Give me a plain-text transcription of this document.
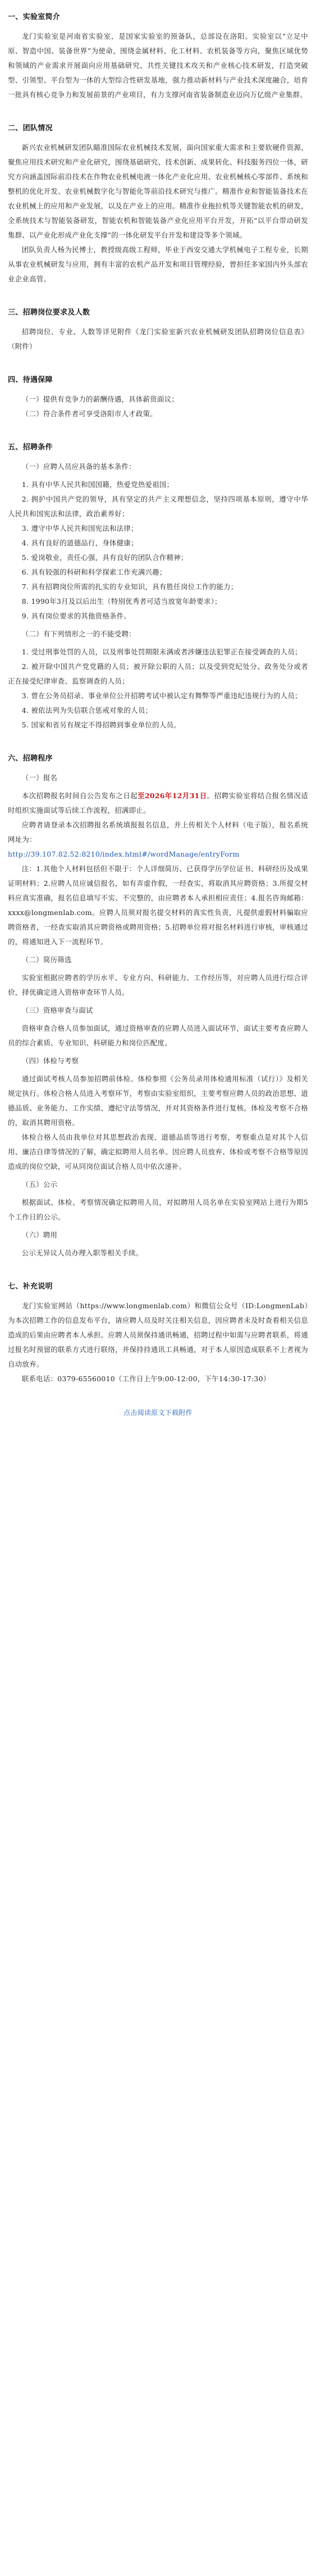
一、实验室简介

龙门实验室是河南省实验室，是国家实验室的预备队，总部设在洛阳。实验室以“立足中原、智造中国、装备世界”为使命，围绕金属材料、化工材料、农机装备等方向，聚焦区域优势和领域的产业需求开展面向应用基础研究、共性关键技术攻关和产业核心技术研发，打造突破型、引领型、平台型为一体的大型综合性研发基地，强力推动新材料与产业技术深度融合，培育一批具有核心竞争力和发展前景的产业项目，有力支撑河南省装备制造业迈向万亿级产业集群。

二、团队情况

新兴农业机械研发团队瞄准国际农业机械技术发展，面向国家重大需求和主要软硬件资源，聚焦应用技术研究和产业化研究，围绕基础研究、技术创新、成果转化、科技服务四位一体，研究方向涵盖国际前沿技术在作物农业机械电液一体化产业化应用、农业机械核心零部件、系统和整机的优化开发、农业机械数字化与智能化等前沿技术研究与推广。精准作业和智能装备技术在农业机械上的应用和产业发展，以及在产业上的应用。精准作业拖拉机等关键智能农机的研发，全系统技术与智能装备研发，智能农机和智能装备产业化应用平台开发，开拓“以平台带动研发集群、以产业化形成产业化支撑”的一体化研发平台开发和建设等多个领域。

团队负责人杨为民博士，教授级高级工程师，毕业于西安交通大学机械电子工程专业，长期从事农业机械研发与应用，拥有丰富的农机产品开发和项目管理经验，曾担任多家国内外头部农业企业高管。

三、招聘岗位要求及人数

招聘岗位、专业、人数等详见附件《龙门实验室新兴农业机械研发团队招聘岗位信息表》（附件）

四、待遇保障

（一）提供有竞争力的薪酬待遇，具体薪资面议；

（二）符合条件者可享受洛阳市人才政策。

五、招聘条件

（一）应聘人员应具备的基本条件：

1. 具有中华人民共和国国籍，热爱党热爱祖国；

2. 拥护中国共产党的领导，具有坚定的共产主义理想信念，坚持四项基本原则，遵守中华人民共和国宪法和法律，政治素养好；

3. 遵守中华人民共和国宪法和法律；

4. 具有良好的道德品行，身体健康；

5. 爱岗敬业，责任心强，具有良好的团队合作精神；

6. 具有较强的科研和科学探索工作充满兴趣；

7. 具有招聘岗位所需的扎实的专业知识，具有胜任岗位工作的能力；

8. 1990年3月及以后出生（特别优秀者可适当放宽年龄要求）；

9. 具有岗位要求的其他资格条件。

（二）有下列情形之一的不能受聘：

1. 受过刑事处罚的人员，以及刑事处罚期限未满或者涉嫌违法犯罪正在接受调查的人员；

2. 被开除中国共产党党籍的人员；被开除公职的人员；以及受到党纪处分、政务处分或者正在接受纪律审查、监察调查的人员；

3. 曾在公务员招录、事业单位公开招聘考试中被认定有舞弊等严重违纪违规行为的人员；

4. 被依法列为失信联合惩戒对象的人员；

5. 国家和省另有规定不得招聘到事业单位的人员。

六、招聘程序

（一）报名

本次招聘报名时间自公告发布之日起至2026年12月31日。招聘实验室将结合报名情况适时组织实施面试等后续工作流程，招满即止。

应聘者请登录本次招聘报名系统填报报名信息，并上传相关个人材料（电子版），报名系统网址为：

http://39.107.82.52:8210/index.html#/wordManage/entryForm

注：1.其他个人材料包括但不限于：个人详细简历、已获得学历学位证书、科研经历及成果证明材料；2.应聘人员应诚信报名，如有弄虚作假，一经查实，将取消其应聘资格；3.所提交材料应真实准确，报名信息填写不实、不完整的，由应聘者本人承担相应责任；4.报名咨询邮箱：xxxx@longmenlab.com。应聘人员须对报名提交材料的真实性负责，凡提供虚假材料骗取应聘资格者，一经查实取消其应聘资格或聘用资格；5.招聘单位将对报名材料进行审核，审核通过的，将通知进入下一流程环节。

（二）简历筛选

实验室根据应聘者的学历水平、专业方向、科研能力、工作经历等，对应聘人员进行综合评价，择优确定进入资格审查环节人员。

（三）资格审查与面试

资格审查合格人员参加面试，通过资格审查的应聘人员进入面试环节，面试主要考查应聘人员的综合素质、专业知识、科研能力和岗位匹配度。

（四）体检与考察

通过面试考核人员参加招聘前体检。体检参照《公务员录用体检通用标准（试行）》及相关规定执行。体检合格人员进入考察环节，考察由实验室组织，主要考察应聘人员的政治思想、道德品质、业务能力、工作实绩、遵纪守法等情况，并对其资格条件进行复核。体检及考察不合格的，取消其聘用资格。

体检合格人员由我单位对其思想政治表现、道德品质等进行考察，考察重点是对其个人信用、廉洁自律等情况的了解，确定拟聘用人员名单。因应聘人员放弃、体检或考察不合格等原因造成的岗位空缺，可从同岗位面试合格人员中依次递补。

（五）公示

根据面试、体检、考察情况确定拟聘用人员，对拟聘用人员名单在实验室网站上进行为期5个工作日的公示。

（六）聘用

公示无异议人员办理入职等相关手续。

七、补充说明

龙门实验室网站（https://www.longmenlab.com）和微信公众号（ID:LongmenLab）为本次招聘工作的信息发布平台，请应聘人员及时关注相关信息，因应聘者未及时查看相关信息造成的后果由应聘者本人承担。应聘人员须保持通讯畅通，招聘过程中如需与应聘者联系，将通过报名时预留的联系方式进行联络，并保持持通讯工具畅通，对于本人原因造成联系不上者视为自动放弃。

联系电话：0379-65560010（工作日上午9:00-12:00，下午14:30-17:30）

点击阅读原文下载附件
